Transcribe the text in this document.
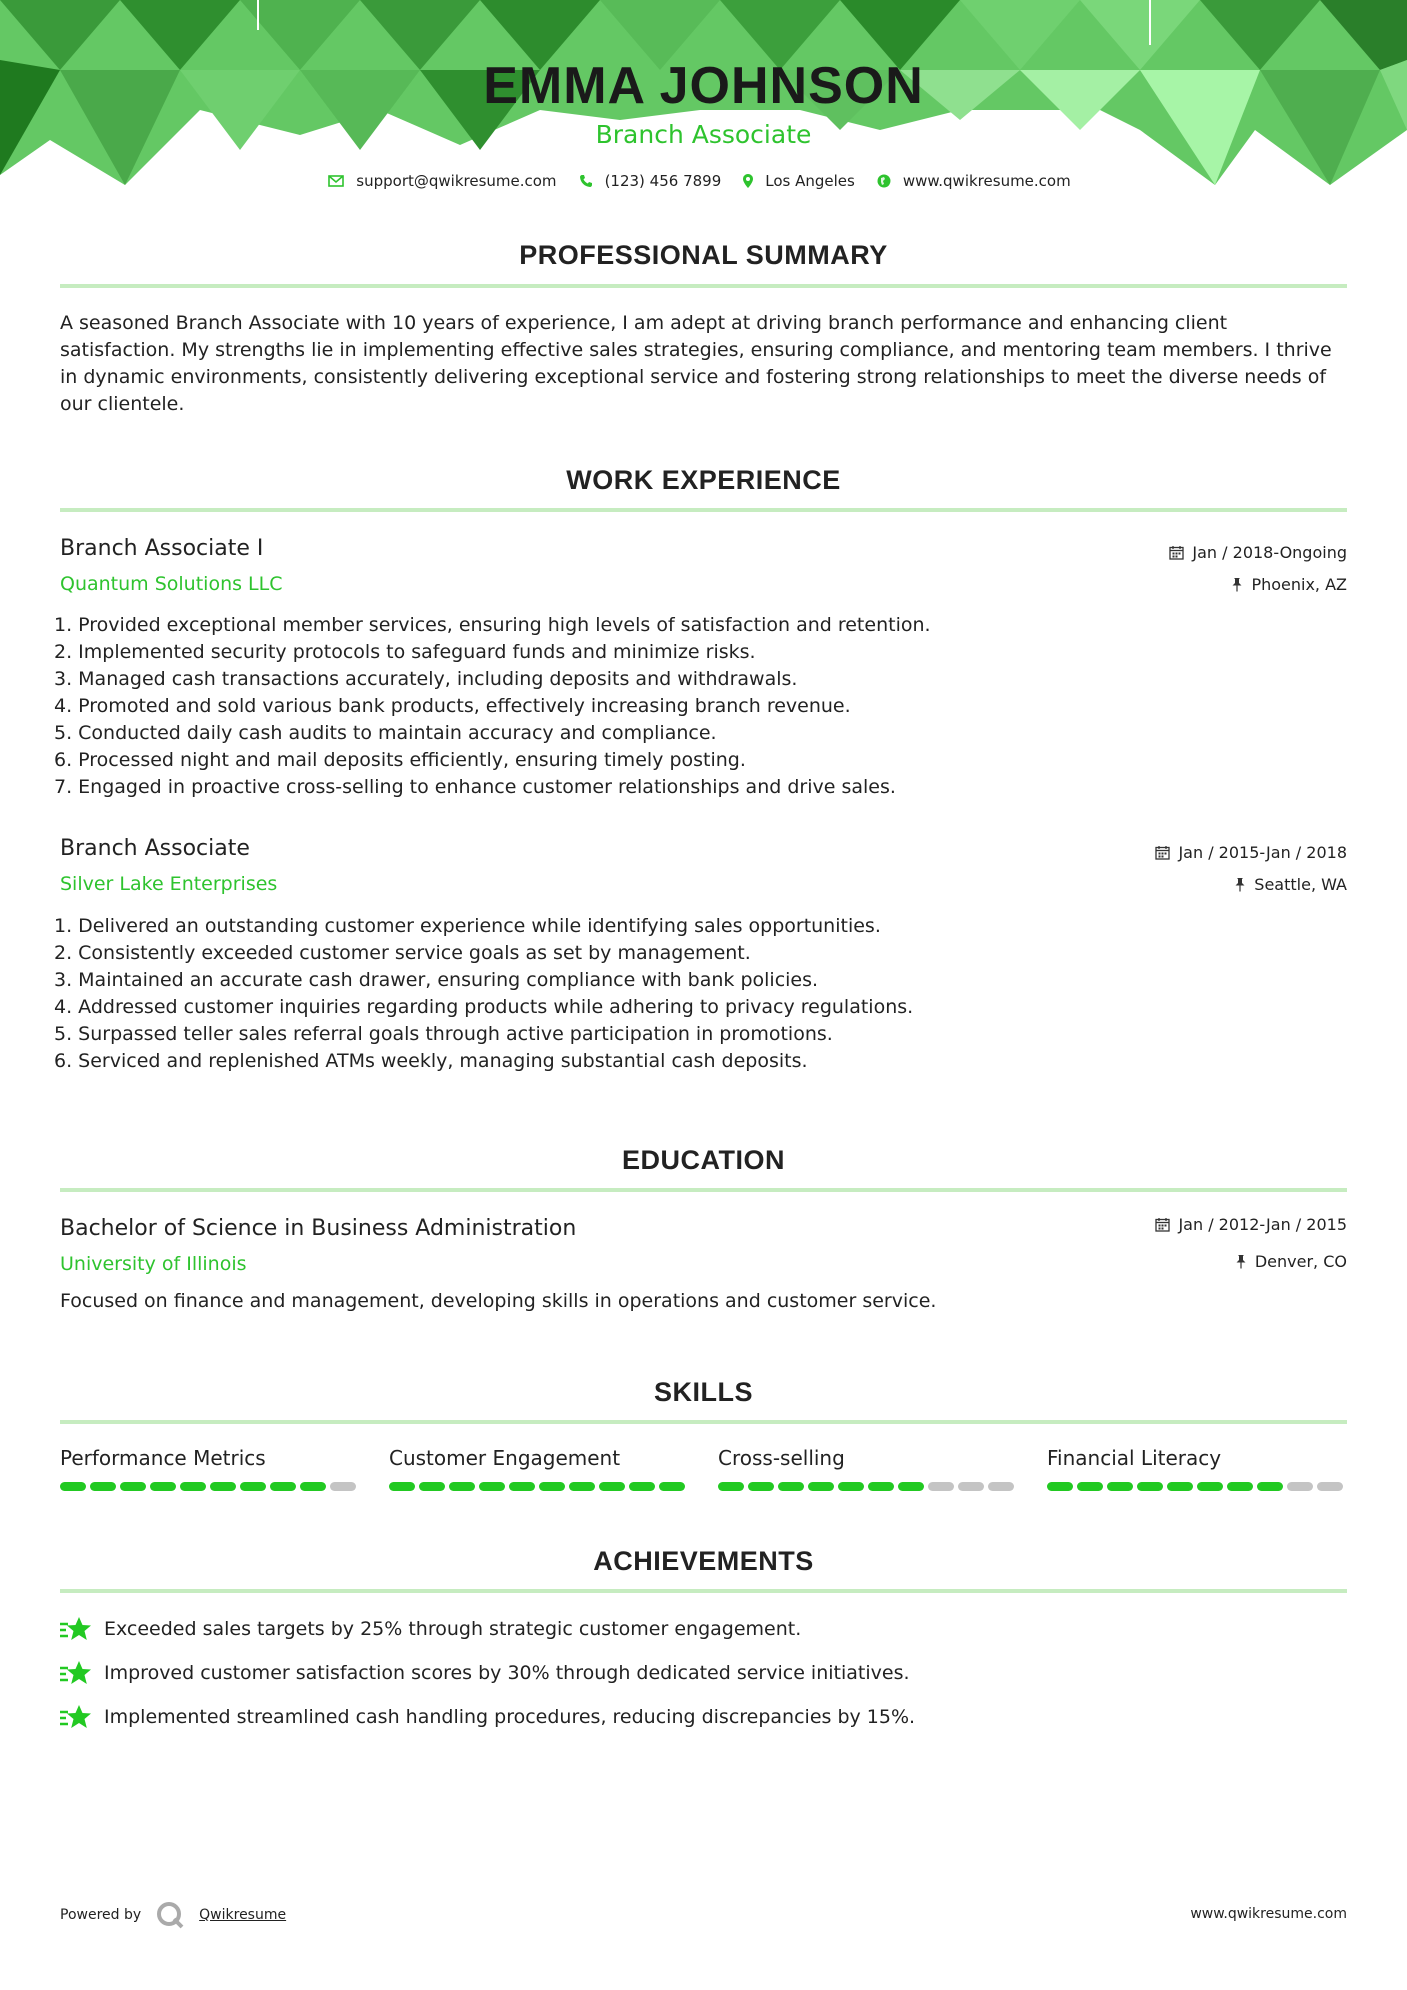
EMMA JOHNSON
Branch Associate
support@qwikresume.com	(123) 456 7899	Los Angeles	www.qwikresume.com
PROFESSIONAL SUMMARY
A seasoned Branch Associate with 10 years of experience, I am adept at driving branch performance and enhancing client satisfaction. My strengths lie in implementing effective sales strategies, ensuring compliance, and mentoring team members. I thrive in dynamic environments, consistently delivering exceptional service and fostering strong relationships to meet the diverse needs of our clientele.
WORK EXPERIENCE
Branch Associate I
Quantum Solutions LLC
Jan / 2018-Ongoing
Phoenix, AZ
1. Provided exceptional member services, ensuring high levels of satisfaction and retention.
2. Implemented security protocols to safeguard funds and minimize risks.
3. Managed cash transactions accurately, including deposits and withdrawals.
4. Promoted and sold various bank products, effectively increasing branch revenue.
5. Conducted daily cash audits to maintain accuracy and compliance.
6. Processed night and mail deposits efficiently, ensuring timely posting.
7. Engaged in proactive cross-selling to enhance customer relationships and drive sales.
Branch Associate
Silver Lake Enterprises
Jan / 2015-Jan / 2018
Seattle, WA
1. Delivered an outstanding customer experience while identifying sales opportunities.
2. Consistently exceeded customer service goals as set by management.
3. Maintained an accurate cash drawer, ensuring compliance with bank policies.
4. Addressed customer inquiries regarding products while adhering to privacy regulations.
5. Surpassed teller sales referral goals through active participation in promotions.
6. Serviced and replenished ATMs weekly, managing substantial cash deposits.
EDUCATION
Bachelor of Science in Business Administration
University of Illinois
Jan / 2012-Jan / 2015
Denver, CO
Focused on finance and management, developing skills in operations and customer service.
SKILLS
Performance Metrics	Customer Engagement	Cross-selling	Financial Literacy
ACHIEVEMENTS
Exceeded sales targets by 25% through strategic customer engagement.
Improved customer satisfaction scores by 30% through dedicated service initiatives.
Implemented streamlined cash handling procedures, reducing discrepancies by 15%.
Powered by	Qwikresume	www.qwikresume.com
